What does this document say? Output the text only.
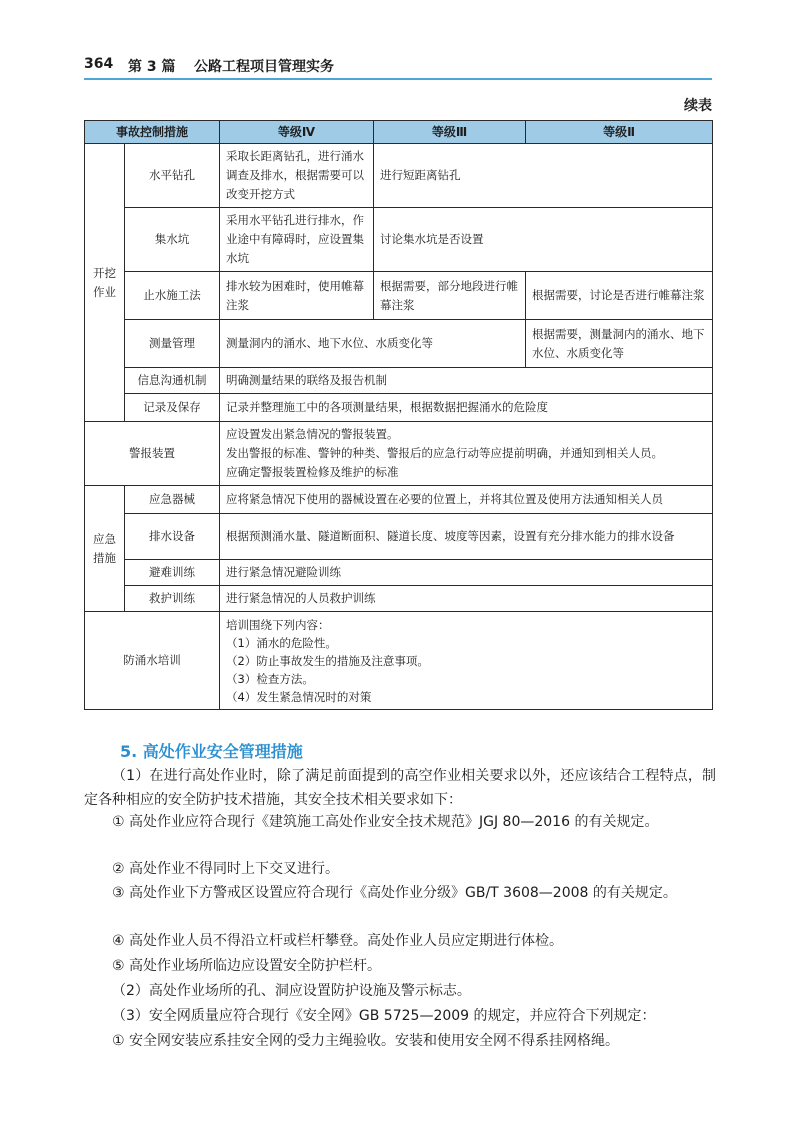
364 第 3 篇 公路工程项目管理实务
续表
事故控制措施		等级Ⅳ	等级Ⅲ	等级Ⅱ
开挖作业	水平钻孔	采取长距离钻孔，进行涌水调查及排水，根据需要可以改变开挖方式	进行短距离钻孔	
	集水坑	采用水平钻孔进行排水，作业途中有障碍时，应设置集水坑	讨论集水坑是否设置	
	止水施工法	排水较为困难时，使用帷幕注浆	根据需要，部分地段进行帷幕注浆	根据需要，讨论是否进行帷幕注浆
	测量管理	测量洞内的涌水、地下水位、水质变化等		根据需要，测量洞内的涌水、地下水位、水质变化等
	信息沟通机制	明确测量结果的联络及报告机制		
	记录及保存	记录并整理施工中的各项测量结果，根据数据把握涌水的危险度		
警报装置		应设置发出紧急情况的警报装置。
发出警报的标准、警钟的种类、警报后的应急行动等应提前明确，并通知到相关人员。
应确定警报装置检修及维护的标准		

应急措施	应急器械	应将紧急情况下使用的器械设置在必要的位置上，并将其位置及使用方法通知相关人员		
	排水设备	根据预测涌水量、隧道断面积、隧道长度、坡度等因素，设置有充分排水能力的排水设备		
	避难训练	进行紧急情况避险训练		
	救护训练	进行紧急情况的人员救护训练		
防涌水培训		培训围绕下列内容：
（1）涌水的危险性。
（2）防止事故发生的措施及注意事项。
（3）检查方法。
（4）发生紧急情况时的对策		
5. 高处作业安全管理措施
（1）在进行高处作业时，除了满足前面提到的高空作业相关要求以外，还应该结合工程特点，制定各种相应的安全防护技术措施，其安全技术相关要求如下：
① 高处作业应符合现行《建筑施工高处作业安全技术规范》JGJ 80—2016 的有关规定。
② 高处作业不得同时上下交叉进行。
③ 高处作业下方警戒区设置应符合现行《高处作业分级》GB/T 3608—2008 的有关规定。
④ 高处作业人员不得沿立杆或栏杆攀登。高处作业人员应定期进行体检。
⑤ 高处作业场所临边应设置安全防护栏杆。
（2）高处作业场所的孔、洞应设置防护设施及警示标志。
（3）安全网质量应符合现行《安全网》GB 5725—2009 的规定，并应符合下列规定：
① 安全网安装应系挂安全网的受力主绳验收。安装和使用安全网不得系挂网格绳。
